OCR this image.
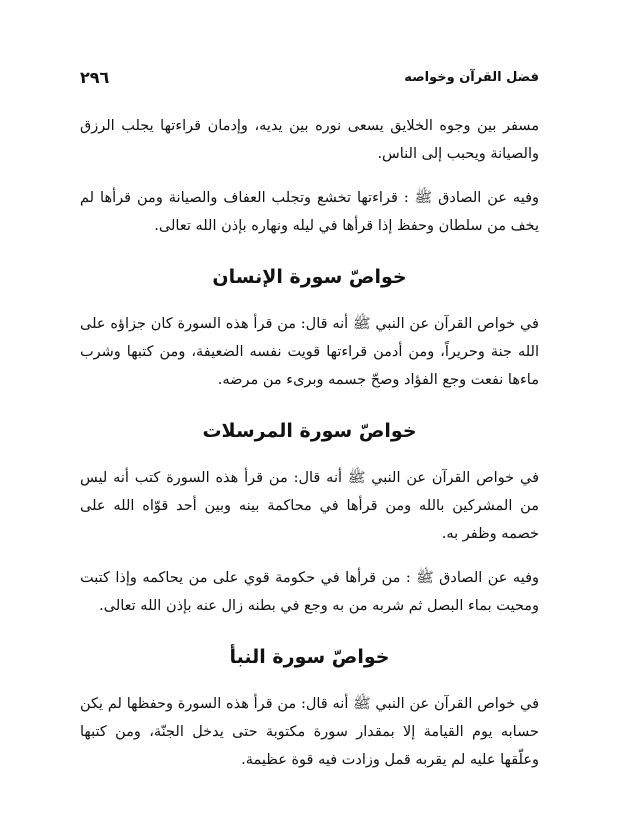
٢٩٦	فضل القرآن وخواصه

مسفر بين وجوه الخلايق يسعى نوره بين يديه، وإدمان قراءتها يجلب الرزق والصيانة ويحبب إلى الناس.

وفيه عن الصادق ﷺ : قراءتها تخشع وتجلب العفاف والصيانة ومن قرأها لم يخف من سلطان وحفظ إذا قرأها في ليله ونهاره بإذن الله تعالى.

خواصّ سورة الإنسان

في خواص القرآن عن النبي ﷺ أنه قال: من قرأ هذه السورة كان جزاؤه على الله جنة وحريراً، ومن أدمن قراءتها قويت نفسه الضعيفة، ومن كتبها وشرب ماءها نفعت وجع الفؤاد وصحّ جسمه وبرىء من مرضه.

خواصّ سورة المرسلات

في خواص القرآن عن النبي ﷺ أنه قال: من قرأ هذه السورة كتب أنه ليس من المشركين بالله ومن قرأها في محاكمة بينه وبين أحد قوّاه الله على خصمه وظفر به.

وفيه عن الصادق ﷺ : من قرأها في حكومة قوي على من يحاكمه وإذا كتبت ومحيت بماء البصل ثم شربه من به وجع في بطنه زال عنه بإذن الله تعالى.

خواصّ سورة النبأ

في خواص القرآن عن النبي ﷺ أنه قال: من قرأ هذه السورة وحفظها لم يكن حسابه يوم القيامة إلا بمقدار سورة مكتوبة حتى يدخل الجنّة، ومن كتبها وعلّقها عليه لم يقربه قمل وزادت فيه قوة عظيمة.
